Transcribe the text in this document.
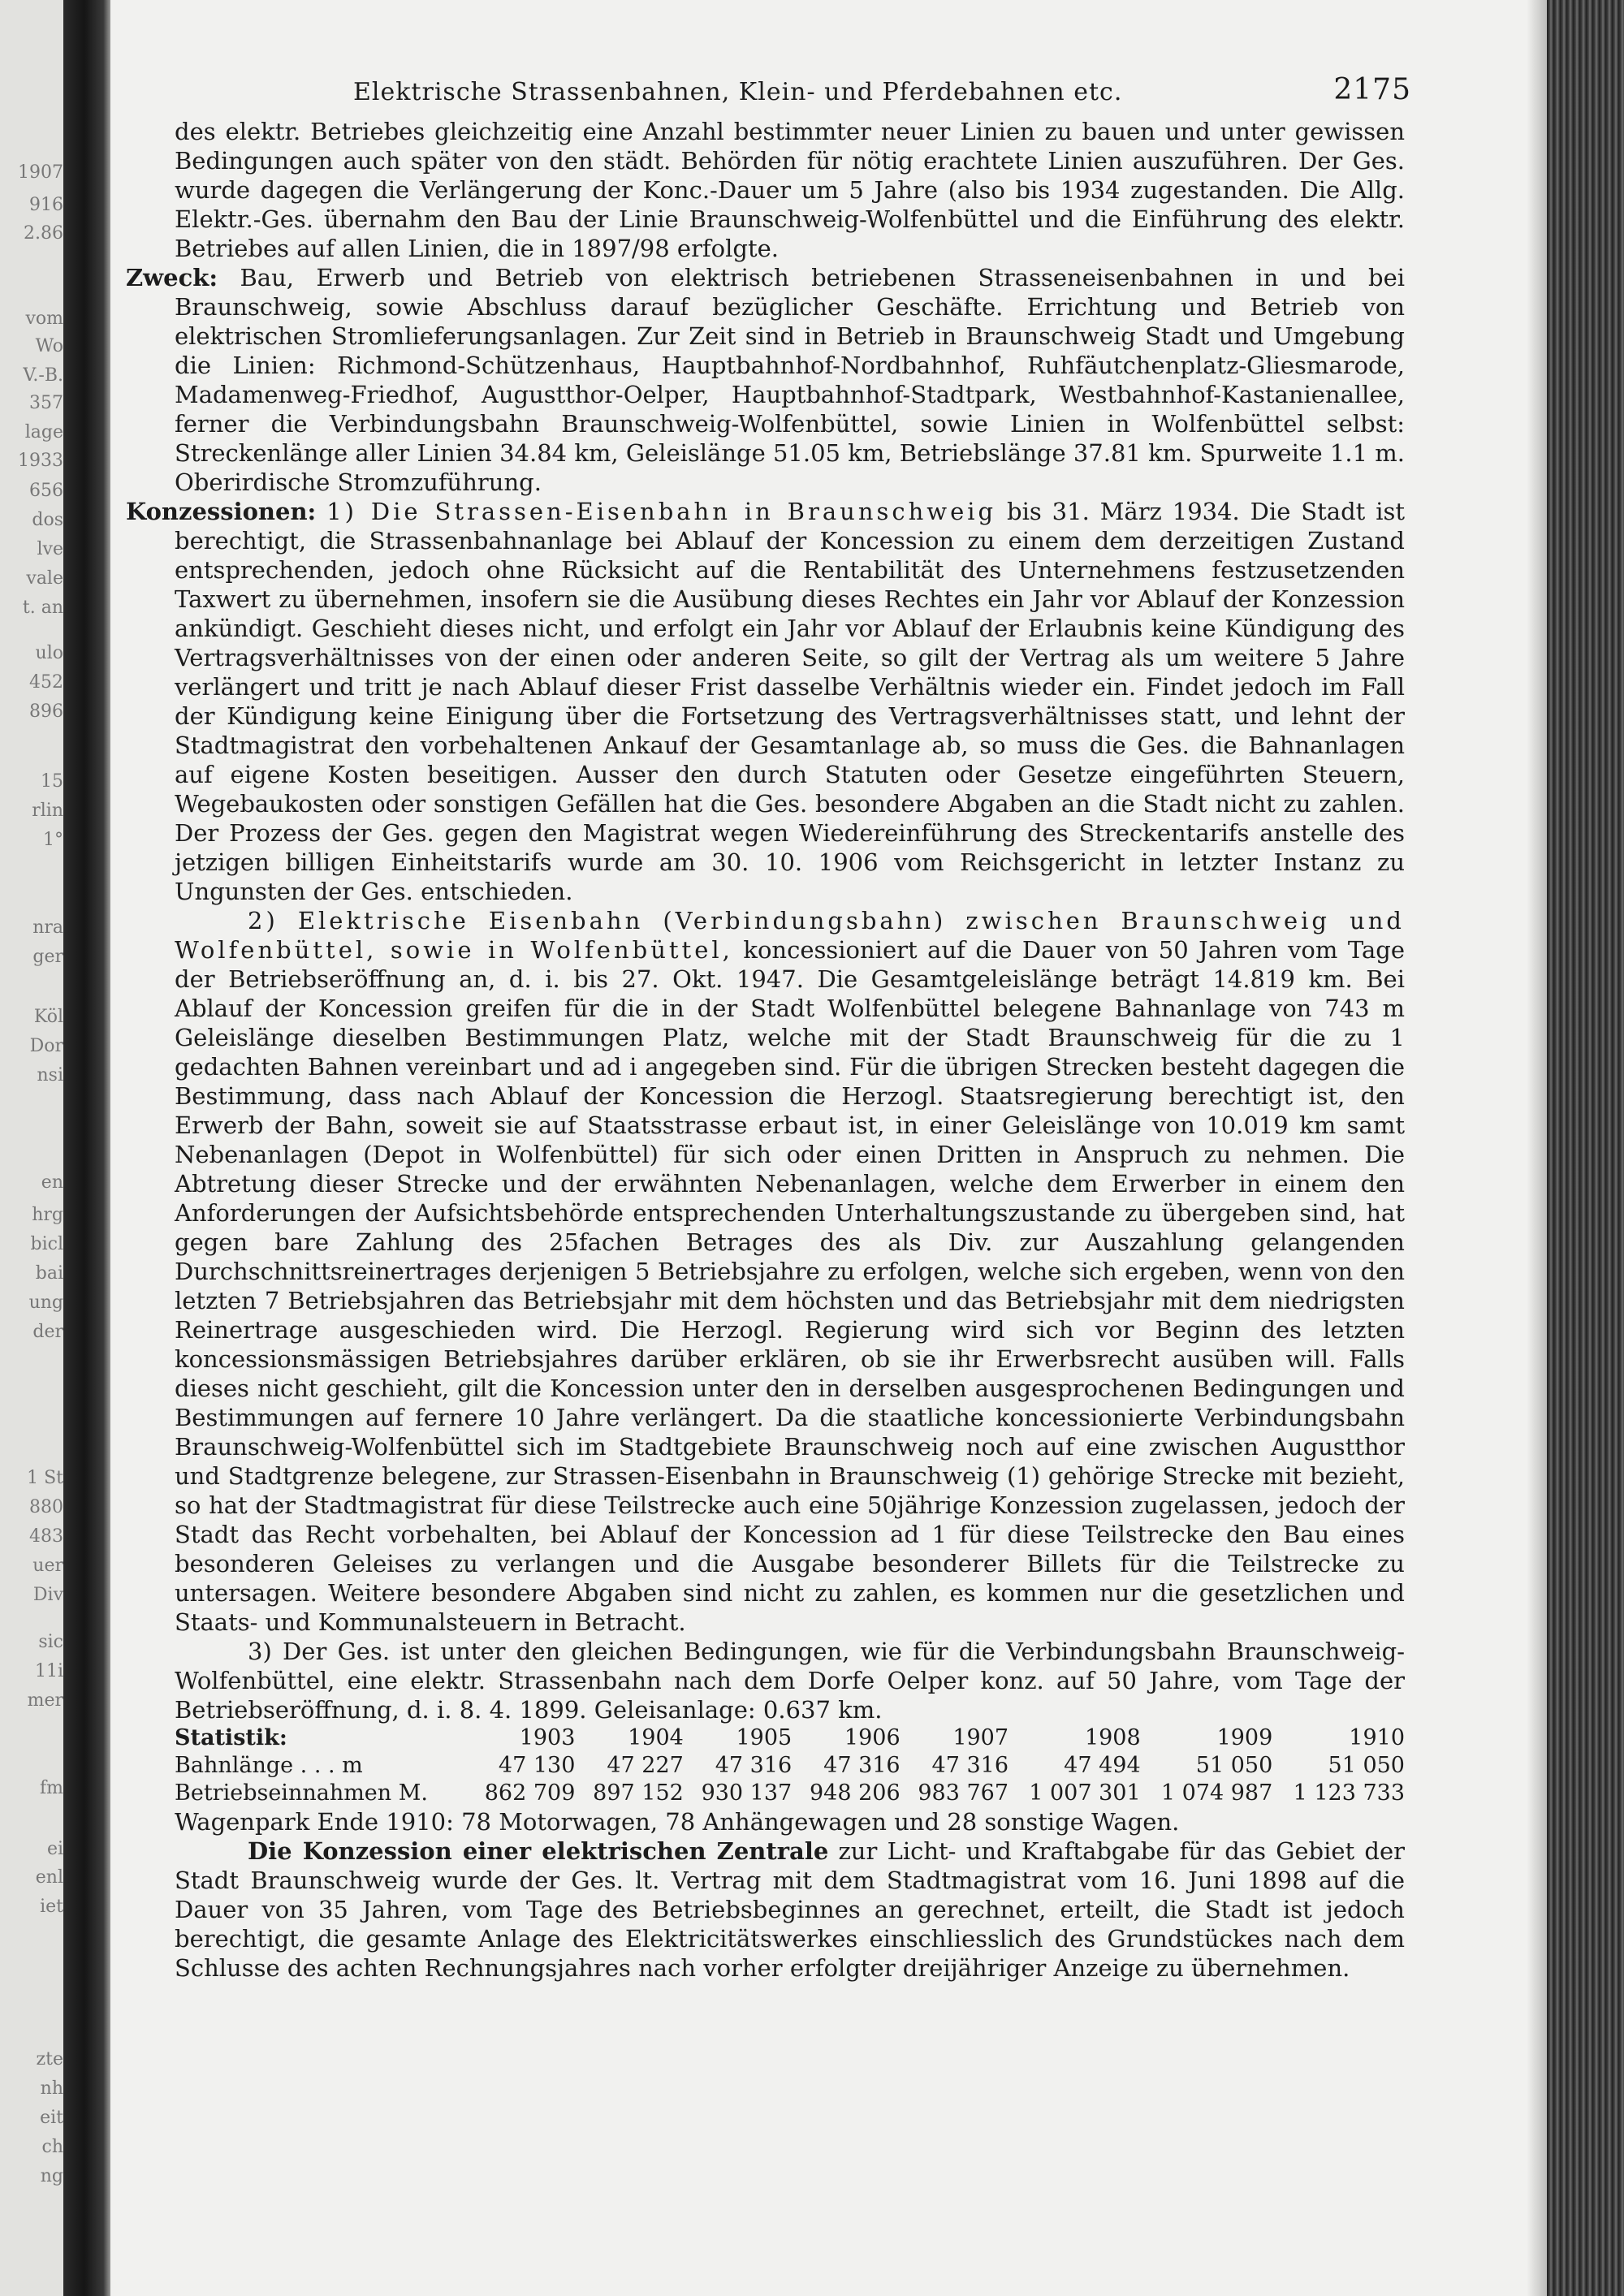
1907
916
2.86
vom
Wo
V.-B.
357
lage
1933
656
dos
lve
vale
t. an
ulo
452
896
15
rlin
1°
nra
ger
Köl
Dor
nsi
en
hrg
bicl
bai
ung
der
1 St
880
483
uer
Div
sic
11i
mer
fm
ei
enl
iet
zte
nh
eit
ch
ng
Elektrische Strassenbahnen, Klein- und Pferdebahnen etc.	2175

des elektr. Betriebes gleichzeitig eine Anzahl bestimmter neuer Linien zu bauen und unter gewissen Bedingungen auch später von den städt. Behörden für nötig erachtete Linien auszuführen. Der Ges. wurde dagegen die Verlängerung der Konc.-Dauer um 5 Jahre (also bis 1934 zugestanden. Die Allg. Elektr.-Ges. übernahm den Bau der Linie Braunschweig-Wolfenbüttel und die Einführung des elektr. Betriebes auf allen Linien, die in 1897/98 erfolgte.

Zweck: Bau, Erwerb und Betrieb von elektrisch betriebenen Strasseneisenbahnen in und bei Braunschweig, sowie Abschluss darauf bezüglicher Geschäfte. Errichtung und Betrieb von elektrischen Stromlieferungsanlagen. Zur Zeit sind in Betrieb in Braunschweig Stadt und Umgebung die Linien: Richmond-Schützenhaus, Hauptbahnhof-Nordbahnhof, Ruhfäutchenplatz-Gliesmarode, Madamenweg-Friedhof, Augustthor-Oelper, Hauptbahnhof-Stadtpark, Westbahnhof-Kastanienallee, ferner die Verbindungsbahn Braunschweig-Wolfenbüttel, sowie Linien in Wolfenbüttel selbst: Streckenlänge aller Linien 34.84 km, Geleislänge 51.05 km, Betriebslänge 37.81 km. Spurweite 1.1 m. Oberirdische Stromzuführung.

Konzessionen: 1) Die Strassen-Eisenbahn in Braunschweig bis 31. März 1934. Die Stadt ist berechtigt, die Strassenbahnanlage bei Ablauf der Koncession zu einem dem derzeitigen Zustand entsprechenden, jedoch ohne Rücksicht auf die Rentabilität des Unternehmens festzusetzenden Taxwert zu übernehmen, insofern sie die Ausübung dieses Rechtes ein Jahr vor Ablauf der Konzession ankündigt. Geschieht dieses nicht, und erfolgt ein Jahr vor Ablauf der Erlaubnis keine Kündigung des Vertragsverhältnisses von der einen oder anderen Seite, so gilt der Vertrag als um weitere 5 Jahre verlängert und tritt je nach Ablauf dieser Frist dasselbe Verhältnis wieder ein. Findet jedoch im Fall der Kündigung keine Einigung über die Fortsetzung des Vertragsverhältnisses statt, und lehnt der Stadtmagistrat den vorbehaltenen Ankauf der Gesamtanlage ab, so muss die Ges. die Bahnanlagen auf eigene Kosten beseitigen. Ausser den durch Statuten oder Gesetze eingeführten Steuern, Wegebaukosten oder sonstigen Gefällen hat die Ges. besondere Abgaben an die Stadt nicht zu zahlen. Der Prozess der Ges. gegen den Magistrat wegen Wiedereinführung des Streckentarifs anstelle des jetzigen billigen Einheitstarifs wurde am 30. 10. 1906 vom Reichsgericht in letzter Instanz zu Ungunsten der Ges. entschieden.

2) Elektrische Eisenbahn (Verbindungsbahn) zwischen Braunschweig und Wolfenbüttel, sowie in Wolfenbüttel, koncessioniert auf die Dauer von 50 Jahren vom Tage der Betriebseröffnung an, d. i. bis 27. Okt. 1947. Die Gesamtgeleislänge beträgt 14.819 km. Bei Ablauf der Koncession greifen für die in der Stadt Wolfenbüttel belegene Bahnanlage von 743 m Geleislänge dieselben Bestimmungen Platz, welche mit der Stadt Braunschweig für die zu 1 gedachten Bahnen vereinbart und ad i angegeben sind. Für die übrigen Strecken besteht dagegen die Bestimmung, dass nach Ablauf der Koncession die Herzogl. Staatsregierung berechtigt ist, den Erwerb der Bahn, soweit sie auf Staatsstrasse erbaut ist, in einer Geleislänge von 10.019 km samt Nebenanlagen (Depot in Wolfenbüttel) für sich oder einen Dritten in Anspruch zu nehmen. Die Abtretung dieser Strecke und der erwähnten Nebenanlagen, welche dem Erwerber in einem den Anforderungen der Aufsichtsbehörde entsprechenden Unterhaltungszustande zu übergeben sind, hat gegen bare Zahlung des 25fachen Betrages des als Div. zur Auszahlung gelangenden Durchschnittsreinertrages derjenigen 5 Betriebsjahre zu erfolgen, welche sich ergeben, wenn von den letzten 7 Betriebsjahren das Betriebsjahr mit dem höchsten und das Betriebsjahr mit dem niedrigsten Reinertrage ausgeschieden wird. Die Herzogl. Regierung wird sich vor Beginn des letzten koncessionsmässigen Betriebsjahres darüber erklären, ob sie ihr Erwerbsrecht ausüben will. Falls dieses nicht geschieht, gilt die Koncession unter den in derselben ausgesprochenen Bedingungen und Bestimmungen auf fernere 10 Jahre verlängert. Da die staatliche koncessionierte Verbindungsbahn Braunschweig-Wolfenbüttel sich im Stadtgebiete Braunschweig noch auf eine zwischen Augustthor und Stadtgrenze belegene, zur Strassen-Eisenbahn in Braunschweig (1) gehörige Strecke mit bezieht, so hat der Stadtmagistrat für diese Teilstrecke auch eine 50jährige Konzession zugelassen, jedoch der Stadt das Recht vorbehalten, bei Ablauf der Koncession ad 1 für diese Teilstrecke den Bau eines besonderen Geleises zu verlangen und die Ausgabe besonderer Billets für die Teilstrecke zu untersagen. Weitere besondere Abgaben sind nicht zu zahlen, es kommen nur die gesetzlichen und Staats- und Kommunalsteuern in Betracht.

3) Der Ges. ist unter den gleichen Bedingungen, wie für die Verbindungsbahn Braunschweig-Wolfenbüttel, eine elektr. Strassenbahn nach dem Dorfe Oelper konz. auf 50 Jahre, vom Tage der Betriebseröffnung, d. i. 8. 4. 1899. Geleisanlage: 0.637 km.

Statistik:	1903	1904	1905	1906	1907	1908	1909	1910
Bahnlänge . . . m	47 130	47 227	47 316	47 316	47 316	47 494	51 050	51 050
Betriebseinnahmen M.	862 709	897 152	930 137	948 206	983 767	1 007 301	1 074 987	1 123 733

Wagenpark Ende 1910: 78 Motorwagen, 78 Anhängewagen und 28 sonstige Wagen.

Die Konzession einer elektrischen Zentrale zur Licht- und Kraftabgabe für das Gebiet der Stadt Braunschweig wurde der Ges. lt. Vertrag mit dem Stadtmagistrat vom 16. Juni 1898 auf die Dauer von 35 Jahren, vom Tage des Betriebsbeginnes an gerechnet, erteilt, die Stadt ist jedoch berechtigt, die gesamte Anlage des Elektricitätswerkes einschliesslich des Grundstückes nach dem Schlusse des achten Rechnungsjahres nach vorher erfolgter dreijähriger Anzeige zu übernehmen.
